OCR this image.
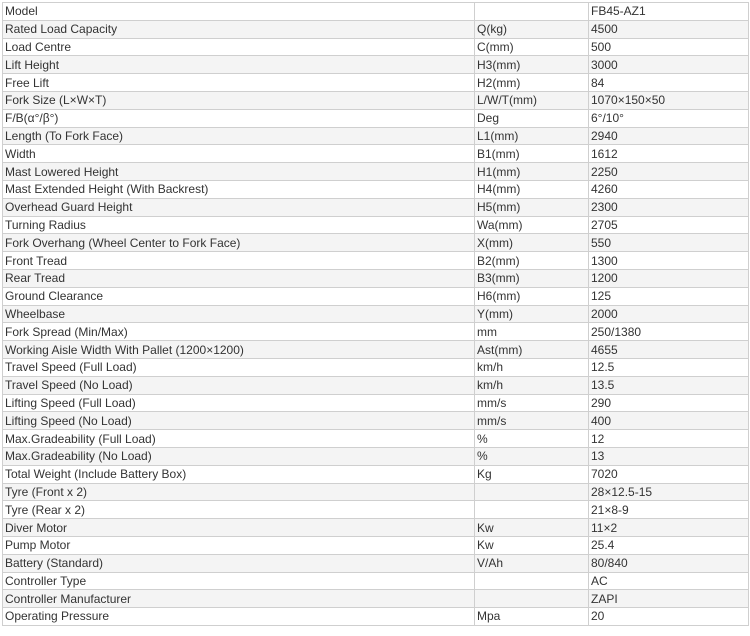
Model		FB45-AZ1
Rated Load Capacity	Q(kg)	4500
Load Centre	C(mm)	500
Lift Height	H3(mm)	3000
Free Lift	H2(mm)	84
Fork Size (L×W×T)	L/W/T(mm)	1070×150×50
F/B(α°/β°)	Deg	6°/10°
Length (To Fork Face)	L1(mm)	2940
Width	B1(mm)	1612
Mast Lowered Height	H1(mm)	2250
Mast Extended Height (With Backrest)	H4(mm)	4260
Overhead Guard Height	H5(mm)	2300
Turning Radius	Wa(mm)	2705
Fork Overhang (Wheel Center to Fork Face)	X(mm)	550
Front Tread	B2(mm)	1300
Rear Tread	B3(mm)	1200
Ground Clearance	H6(mm)	125
Wheelbase	Y(mm)	2000
Fork Spread (Min/Max)	mm	250/1380
Working Aisle Width With Pallet (1200×1200)	Ast(mm)	4655
Travel Speed (Full Load)	km/h	12.5
Travel Speed (No Load)	km/h	13.5
Lifting Speed (Full Load)	mm/s	290
Lifting Speed (No Load)	mm/s	400
Max.Gradeability (Full Load)	%	12
Max.Gradeability (No Load)	%	13
Total Weight (Include Battery Box)	Kg	7020
Tyre (Front x 2)		28×12.5-15
Tyre (Rear x 2)		21×8-9
Diver Motor	Kw	11×2
Pump Motor	Kw	25.4
Battery (Standard)	V/Ah	80/840
Controller Type		AC
Controller Manufacturer		ZAPI
Operating Pressure	Mpa	20
